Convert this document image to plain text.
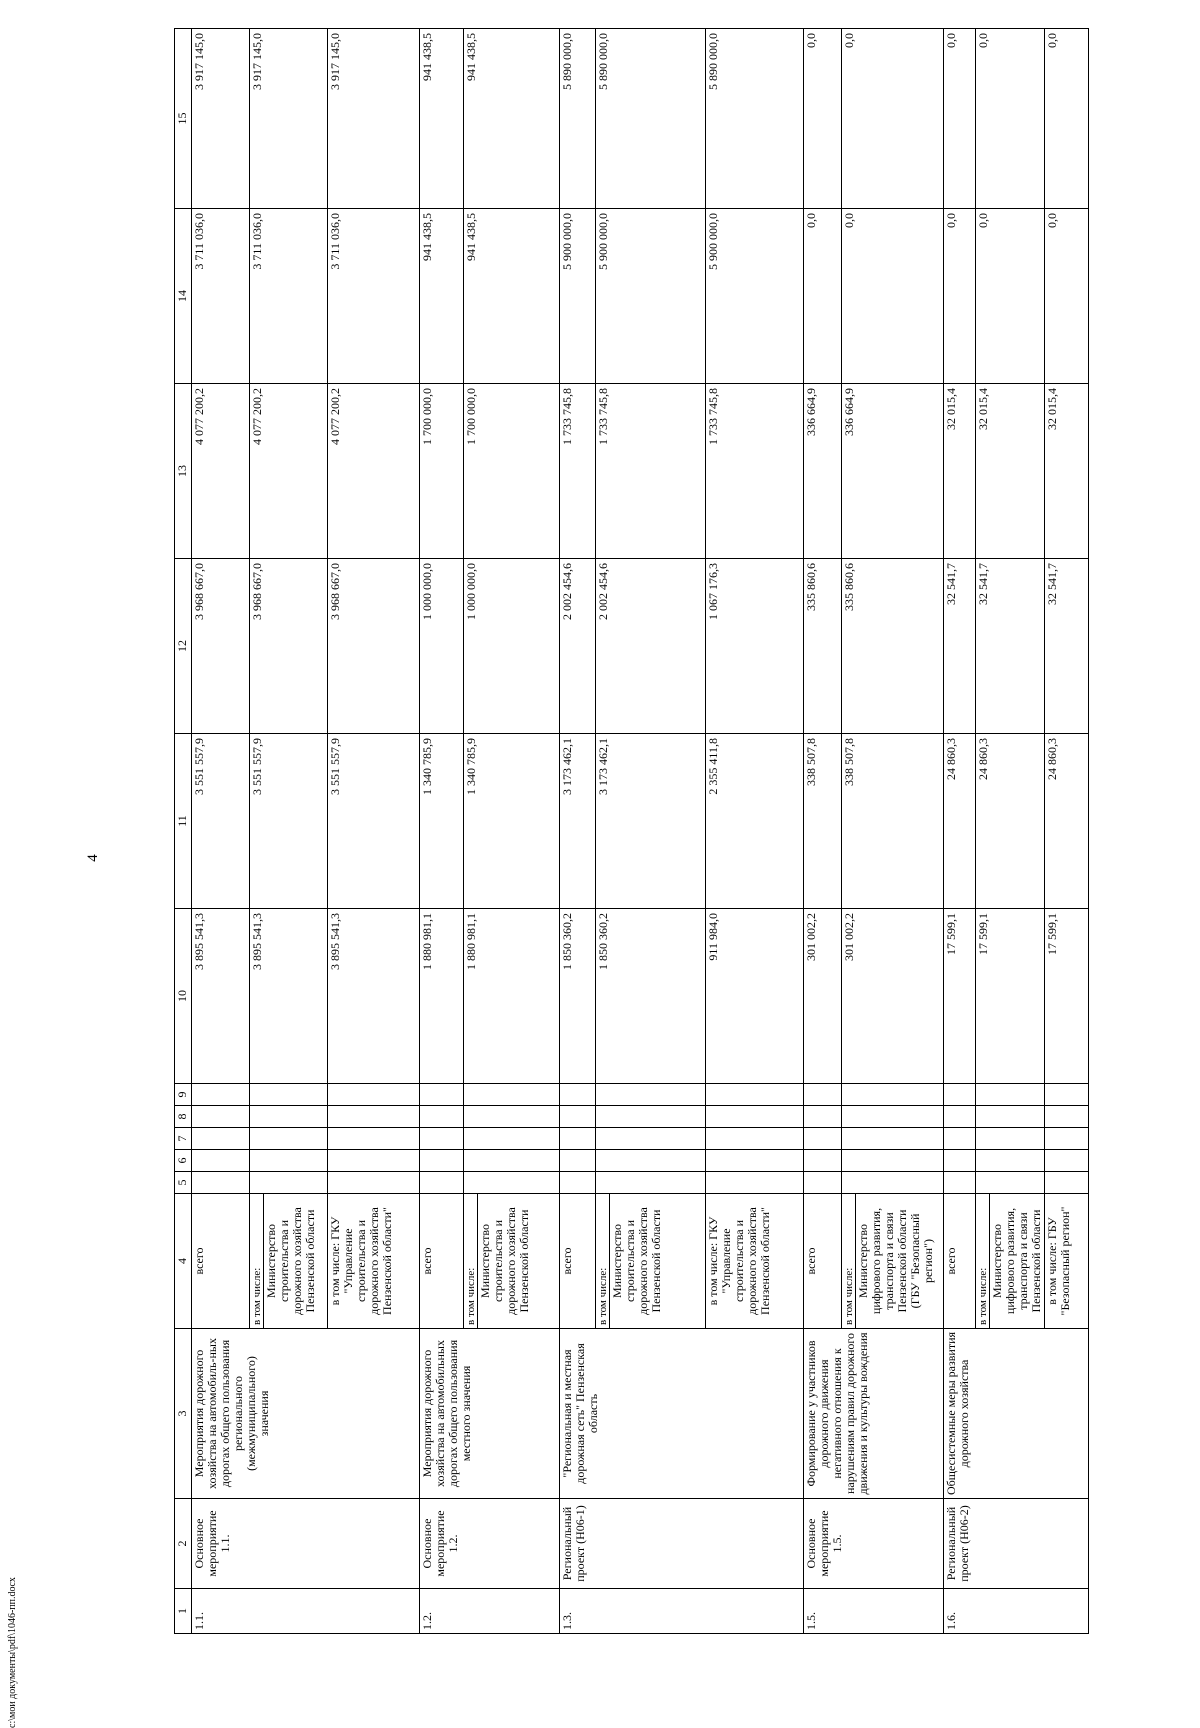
4
c:\мои документы\pdf\1046-пп.docx	1	2	3	4	5	6	7	8	9	10	11	12	13	14	15
1.1.	Основное мероприятие 1.1.	Мероприятия дорожного хозяйства на автомобиль-ных дорогах общего пользования регионального (межмуниципального) значения	всего						3 895 541,3	3 551 557,9	3 968 667,0	4 077 200,2	3 711 036,0	3 917 145,0

			в том числе: Министерство строительства и дорожного хозяйства Пензенской области						3 895 541,3	3 551 557,9	3 968 667,0	4 077 200,2	3 711 036,0	3 917 145,0
			в том числе: ГКУ "Управление строительства и дорожного хозяйства Пензенской области"						3 895 541,3	3 551 557,9	3 968 667,0	4 077 200,2	3 711 036,0	3 917 145,0
1.2.	Основное мероприятие 1.2.	Мероприятия дорожного хозяйства на автомобильных дорогах общего пользования местного значения	всего						1 880 981,1	1 340 785,9	1 000 000,0	1 700 000,0	941 438,5	941 438,5

			в том числе: Министерство строительства и дорожного хозяйства Пензенской области						1 880 981,1	1 340 785,9	1 000 000,0	1 700 000,0	941 438,5	941 438,5
1.3.	Региональный проект (Н06-1)	"Региональная и местная дорожная сеть" Пензенская область	всего						1 850 360,2	3 173 462,1	2 002 454,6	1 733 745,8	5 900 000,0	5 890 000,0

			в том числе: Министерство строительства и дорожного хозяйства Пензенской области						1 850 360,2	3 173 462,1	2 002 454,6	1 733 745,8	5 900 000,0	5 890 000,0
			в том числе: ГКУ "Управление строительства и дорожного хозяйства Пензенской области"						911 984,0	2 355 411,8	1 067 176,3	1 733 745,8	5 900 000,0	5 890 000,0
1.5.	Основное мероприятие 1.5.	Формирование у участников дорожного движения негативного отношения к нарушениям правил дорожного движения и культуры вождения	всего						301 002,2	338 507,8	335 860,6	336 664,9	0,0	0,0

			в том числе: Министерство цифрового развития, транспорта и связи Пензенской области (ГБУ "Безопасный регион")						301 002,2	338 507,8	335 860,6	336 664,9	0,0	0,0
1.6.	Региональный проект (Н06-2)	Общесистемные меры развития дорожного хозяйства	всего						17 599,1	24 860,3	32 541,7	32 015,4	0,0	0,0

			в том числе: Министерство цифрового развития, транспорта и связи Пензенской области						17 599,1	24 860,3	32 541,7	32 015,4	0,0	0,0
			в том числе: ГБУ "Безопасный регион"						17 599,1	24 860,3	32 541,7	32 015,4	0,0	0,0
